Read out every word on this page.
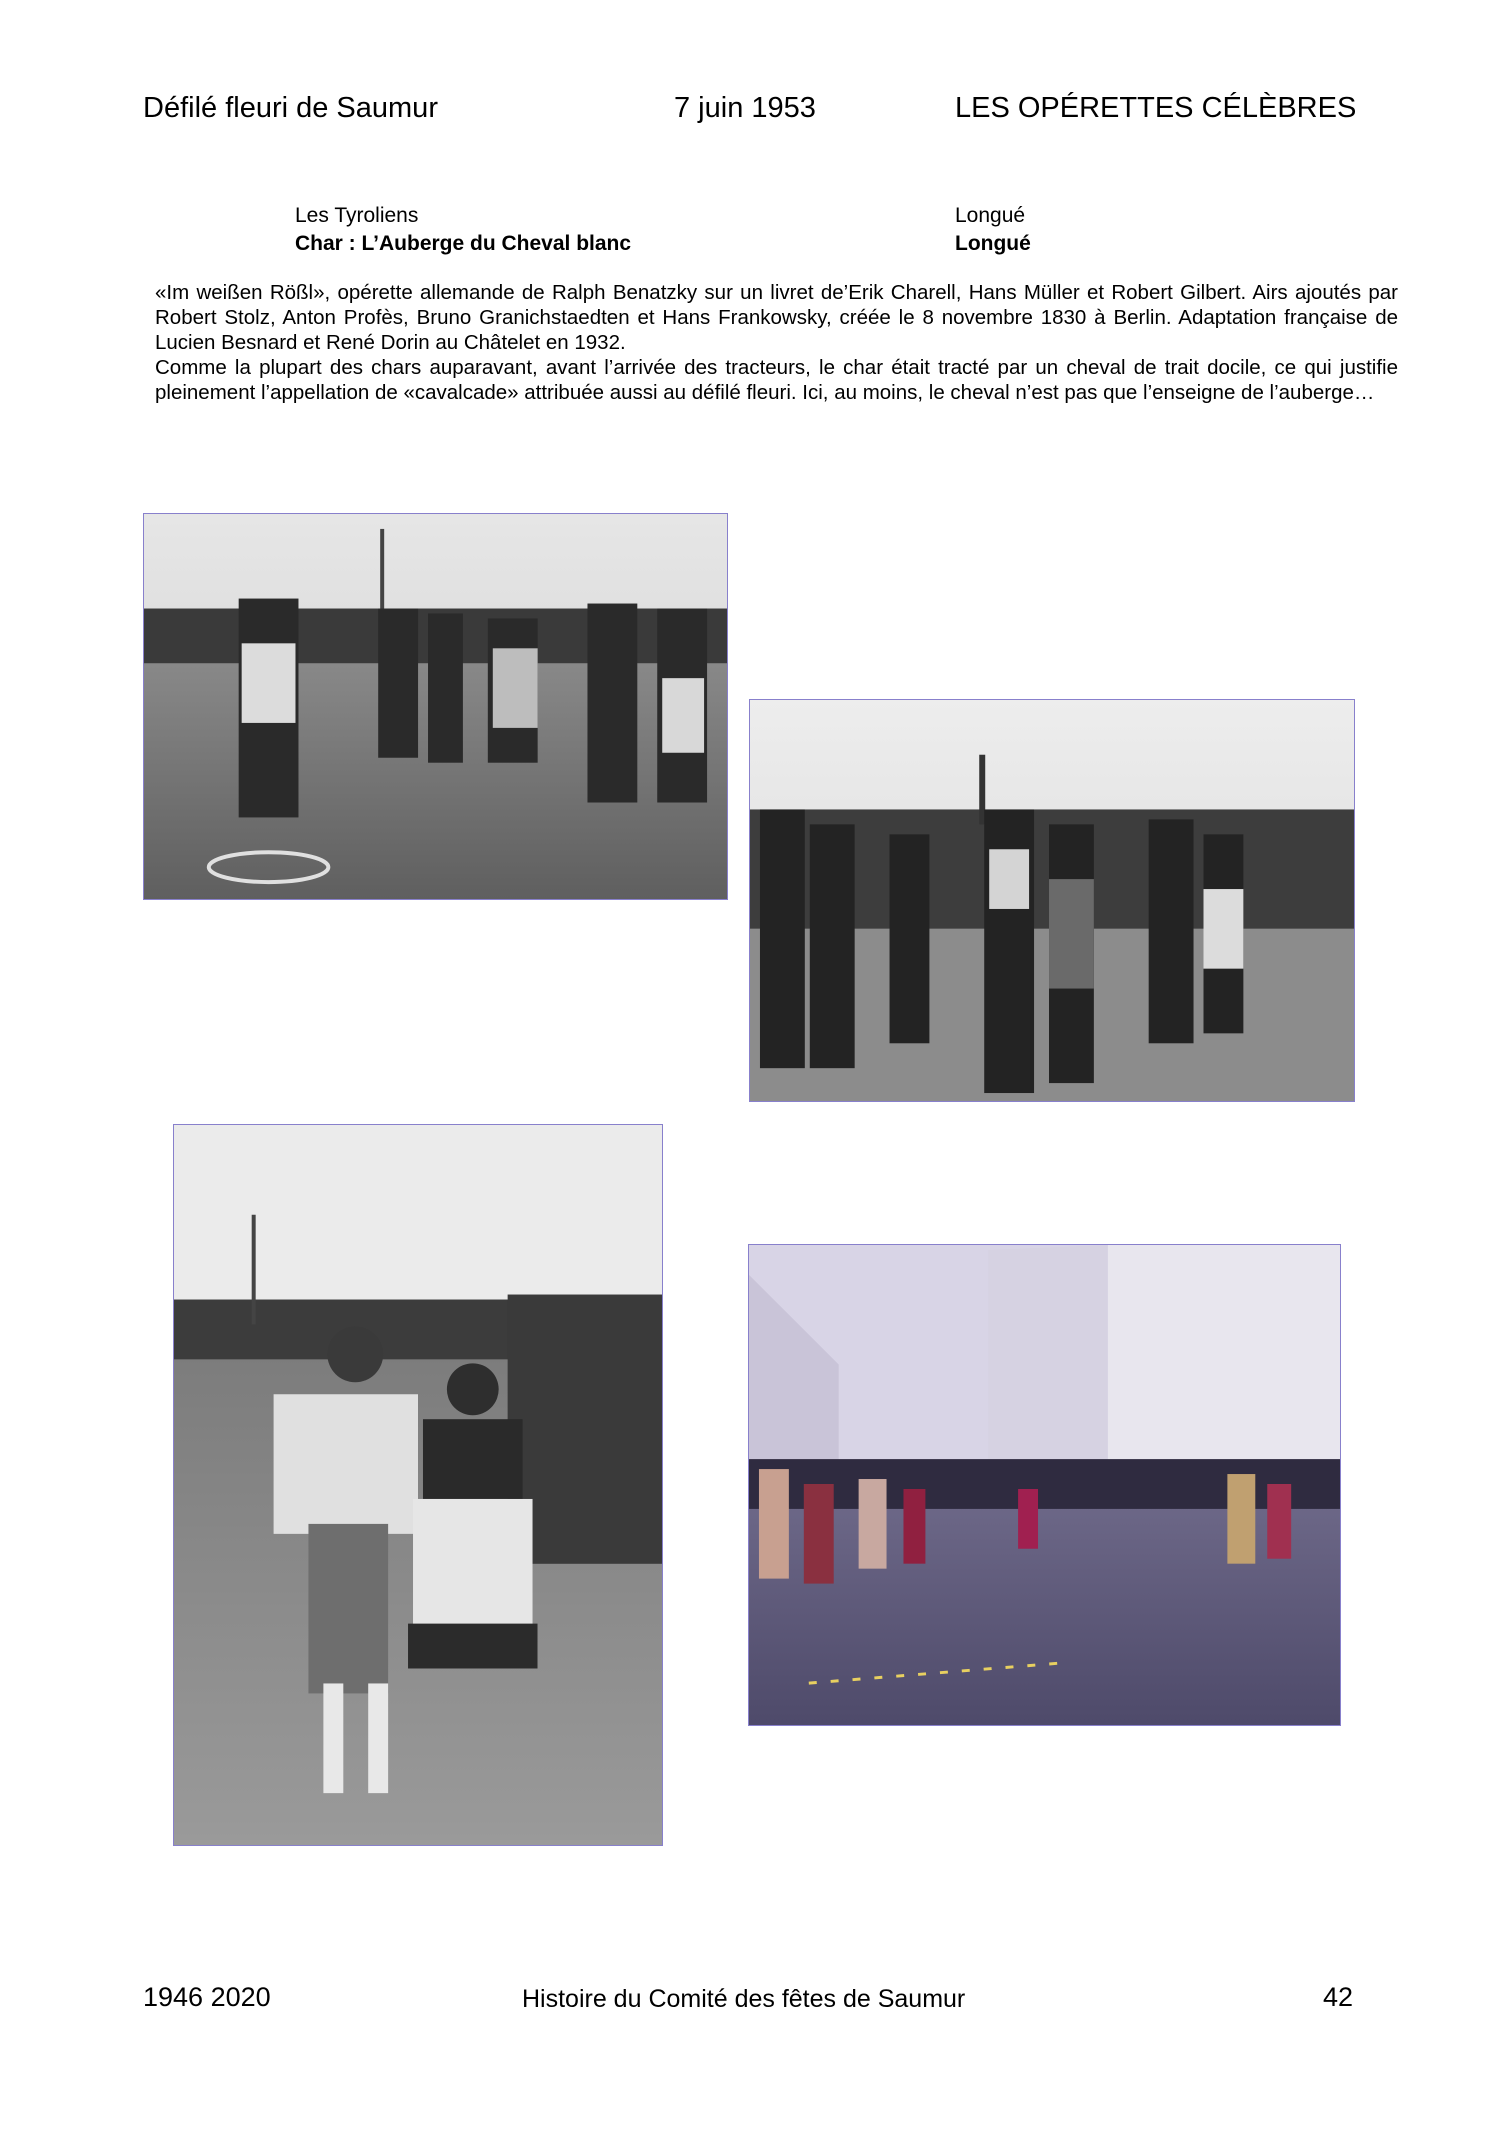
Défilé fleuri de Saumur	7 juin 1953	LES OPÉRETTES CÉLÈBRES
Les Tyroliens
Char : L’Auberge du Cheval blanc
Longué
Longué

«Im weißen Rößl», opérette allemande de Ralph Benatzky sur un livret de’Erik Charell, Hans Müller et Robert Gilbert. Airs ajoutés par Robert Stolz, Anton Profès, Bruno Granichstaedten et Hans Frankowsky, créée le 8 novembre 1830 à Berlin. Adaptation française de Lucien Besnard et René Dorin au Châtelet en 1932.

Comme la plupart des chars auparavant, avant l’arrivée des tracteurs, le char était tracté par un cheval de trait docile, ce qui justifie pleinement l’appellation de «cavalcade» attribuée aussi au défilé fleuri. Ici, au moins, le cheval n’est pas que l’enseigne de l’auberge…

1946 2020	Histoire du Comité des fêtes de Saumur	42
